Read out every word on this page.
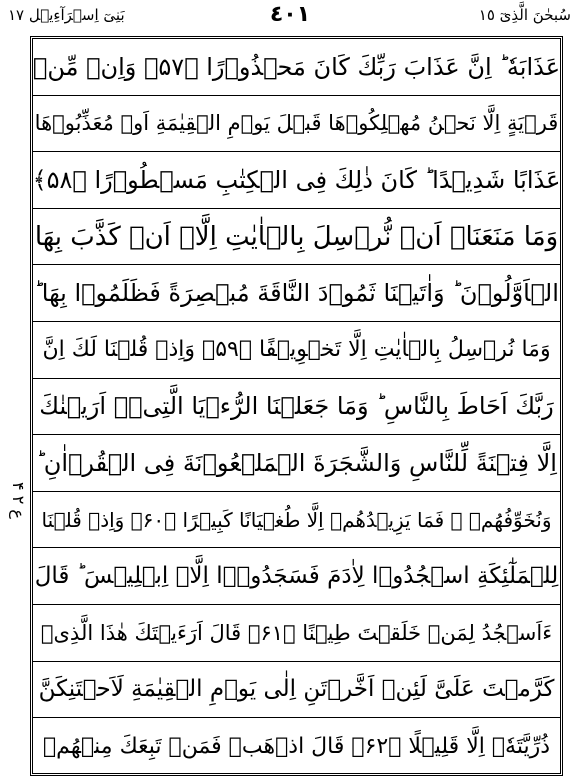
بَنِیٓ اِسۡرَآءِیۡل ١٧	٤٠١	سُبحٰنَ الَّذِیٓ ١٥
ع ٢ ۴
عَذَابَهٗ ؕ اِنَّ عَذَابَ رَبِّكَ كَانَ مَحۡذُوۡرًا ﴿۵۷﴾ وَاِنۡ مِّنۡ
قَرۡيَةٍ اِلَّا نَحۡنُ مُهۡلِكُوۡهَا قَبۡلَ يَوۡمِ الۡقِيٰمَةِ اَوۡ مُعَذِّبُوۡهَا
عَذَابًا شَدِيۡدًا ؕ كَانَ ذٰلِكَ فِى الۡكِتٰبِ مَسۡطُوۡرًا ﴿۵۸﴾
وَمَا مَنَعَنَاۤ اَنۡ نُّرۡسِلَ بِالۡاٰيٰتِ اِلَّاۤ اَنۡ كَذَّبَ بِهَا
الۡاَوَّلُوۡنَ ؕ وَاٰتَيۡنَا ثَمُوۡدَ النَّاقَةَ مُبۡصِرَةً فَظَلَمُوۡا بِهَا ؕ
وَمَا نُرۡسِلُ بِالۡاٰيٰتِ اِلَّا تَخۡوِيۡفًا ﴿۵۹﴾ وَاِذۡ قُلۡنَا لَكَ اِنَّ
رَبَّكَ اَحَاطَ بِالنَّاسِ ؕ وَمَا جَعَلۡنَا الرُّءۡيَا الَّتِىۡۤ اَرَيۡنٰكَ
اِلَّا فِتۡنَةً لِّلنَّاسِ وَالشَّجَرَةَ الۡمَلۡعُوۡنَةَ فِى الۡقُرۡاٰنِ ؕ
وَنُخَوِّفُهُمۡ ۙ فَمَا يَزِيۡدُهُمۡ اِلَّا طُغۡيَانًا كَبِيۡرًا ﴿۶۰﴾ وَاِذۡ قُلۡنَا
لِلۡمَلٰٓئِكَةِ اسۡجُدُوۡا لِاٰدَمَ فَسَجَدُوۡۤا اِلَّاۤ اِبۡلِيۡسَ ؕ قَالَ
ءَاَسۡجُدُ لِمَنۡ خَلَقۡتَ طِيۡنًا ﴿۶۱﴾ قَالَ اَرَءَيۡتَكَ هٰذَا الَّذِىۡ
كَرَّمۡتَ عَلَىَّ لَئِنۡ اَخَّرۡتَنِ اِلٰى يَوۡمِ الۡقِيٰمَةِ لَاَحۡتَنِكَنَّ
ذُرِّيَّتَهٗۤ اِلَّا قَلِيۡلًا ﴿۶۲﴾ قَالَ اذۡهَبۡ فَمَنۡ تَبِعَكَ مِنۡهُمۡ
